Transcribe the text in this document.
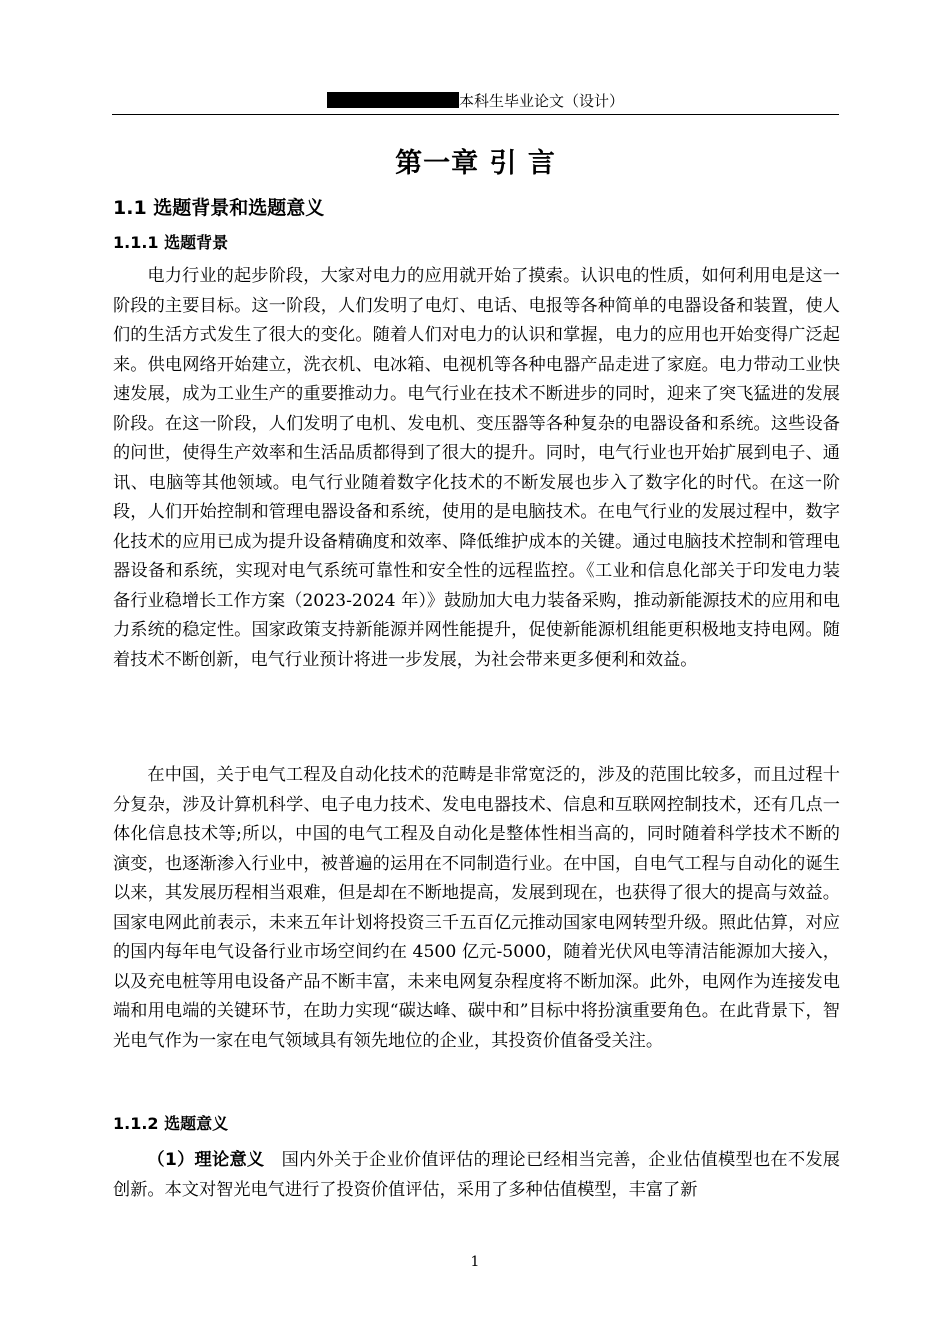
本科生毕业论文（设计）
第一章 引 言
1.1 选题背景和选题意义
1.1.1 选题背景

电力行业的起步阶段，大家对电力的应用就开始了摸索。认识电的性质，如何利用电是这一阶段的主要目标。这一阶段，人们发明了电灯、电话、电报等各种简单的电器设备和装置，使人们的生活方式发生了很大的变化。随着人们对电力的认识和掌握，电力的应用也开始变得广泛起来。供电网络开始建立，洗衣机、电冰箱、电视机等各种电器产品走进了家庭。电力带动工业快速发展，成为工业生产的重要推动力。电气行业在技术不断进步的同时，迎来了突飞猛进的发展阶段。在这一阶段，人们发明了电机、发电机、变压器等各种复杂的电器设备和系统。这些设备的问世，使得生产效率和生活品质都得到了很大的提升。同时，电气行业也开始扩展到电子、通讯、电脑等其他领域。电气行业随着数字化技术的不断发展也步入了数字化的时代。在这一阶段，人们开始控制和管理电器设备和系统，使用的是电脑技术。在电气行业的发展过程中，数字化技术的应用已成为提升设备精确度和效率、降低维护成本的关键。通过电脑技术控制和管理电器设备和系统，实现对电气系统可靠性和安全性的远程监控。《工业和信息化部关于印发电力装备行业稳增长工作方案（2023-2024 年）》鼓励加大电力装备采购，推动新能源技术的应用和电力系统的稳定性。国家政策支持新能源并网性能提升，促使新能源机组能更积极地支持电网。随着技术不断创新，电气行业预计将进一步发展，为社会带来更多便利和效益。

在中国，关于电气工程及自动化技术的范畴是非常宽泛的，涉及的范围比较多，而且过程十分复杂，涉及计算机科学、电子电力技术、发电电器技术、信息和互联网控制技术，还有几点一体化信息技术等;所以，中国的电气工程及自动化是整体性相当高的，同时随着科学技术不断的演变，也逐渐渗入行业中，被普遍的运用在不同制造行业。在中国，自电气工程与自动化的诞生以来，其发展历程相当艰难，但是却在不断地提高，发展到现在，也获得了很大的提高与效益。国家电网此前表示，未来五年计划将投资三千五百亿元推动国家电网转型升级。照此估算，对应的国内每年电气设备行业市场空间约在 4500 亿元-5000，随着光伏风电等清洁能源加大接入，以及充电桩等用电设备产品不断丰富，未来电网复杂程度将不断加深。此外，电网作为连接发电端和用电端的关键环节，在助力实现“碳达峰、碳中和”目标中将扮演重要角色。在此背景下，智光电气作为一家在电气领域具有领先地位的企业，其投资价值备受关注。

1.1.2 选题意义

（1）理论意义 国内外关于企业价值评估的理论已经相当完善，企业估值模型也在不发展创新。本文对智光电气进行了投资价值评估，采用了多种估值模型，丰富了新

1
